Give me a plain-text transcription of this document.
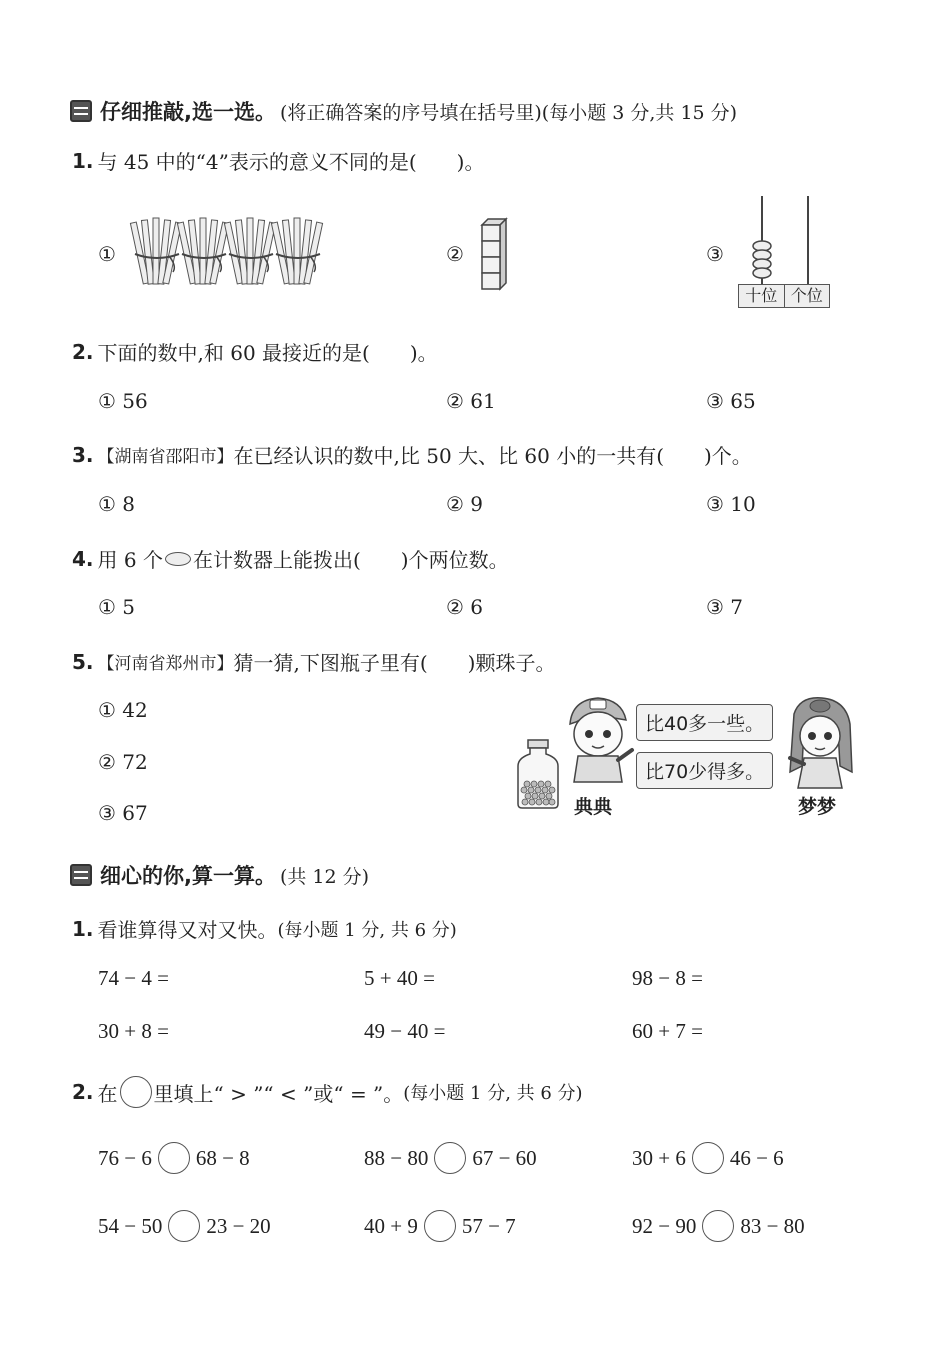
仔细推敲,选一选。 (将正确答案的序号填在括号里)(每小题 3 分,共 15 分)
1. 与 45 中的“4”表示的意义不同的是(　　)。
①	②	③
十位 个位
2. 下面的数中,和 60 最接近的是(　　)。
① 56	② 61	③ 65
3. 【湖南省邵阳市】 在已经认识的数中,比 50 大、比 60 小的一共有(　　)个。
① 8	② 9	③ 10
4. 用 6 个 在计数器上能拨出(　　)个两位数。
① 5	② 6	③ 7
5. 【河南省郑州市】 猜一猜,下图瓶子里有(　　)颗珠子。
① 42
② 72
③ 67	典典	梦梦
比40多一些。
比70少得多。
细心的你,算一算。 (共 12 分)
1. 看谁算得又对又快。 (每小题 1 分, 共 6 分)
74 − 4 =	5 + 40 =	98 − 8 =
30 + 8 =	49 − 40 =	60 + 7 =
2. 在 里填上“ > ”“ < ”或“ = ”。 (每小题 1 分, 共 6 分)
76 − 6 68 − 8	88 − 80 67 − 60	30 + 6 46 − 6
54 − 50 23 − 20	40 + 9 57 − 7	92 − 90 83 − 80
